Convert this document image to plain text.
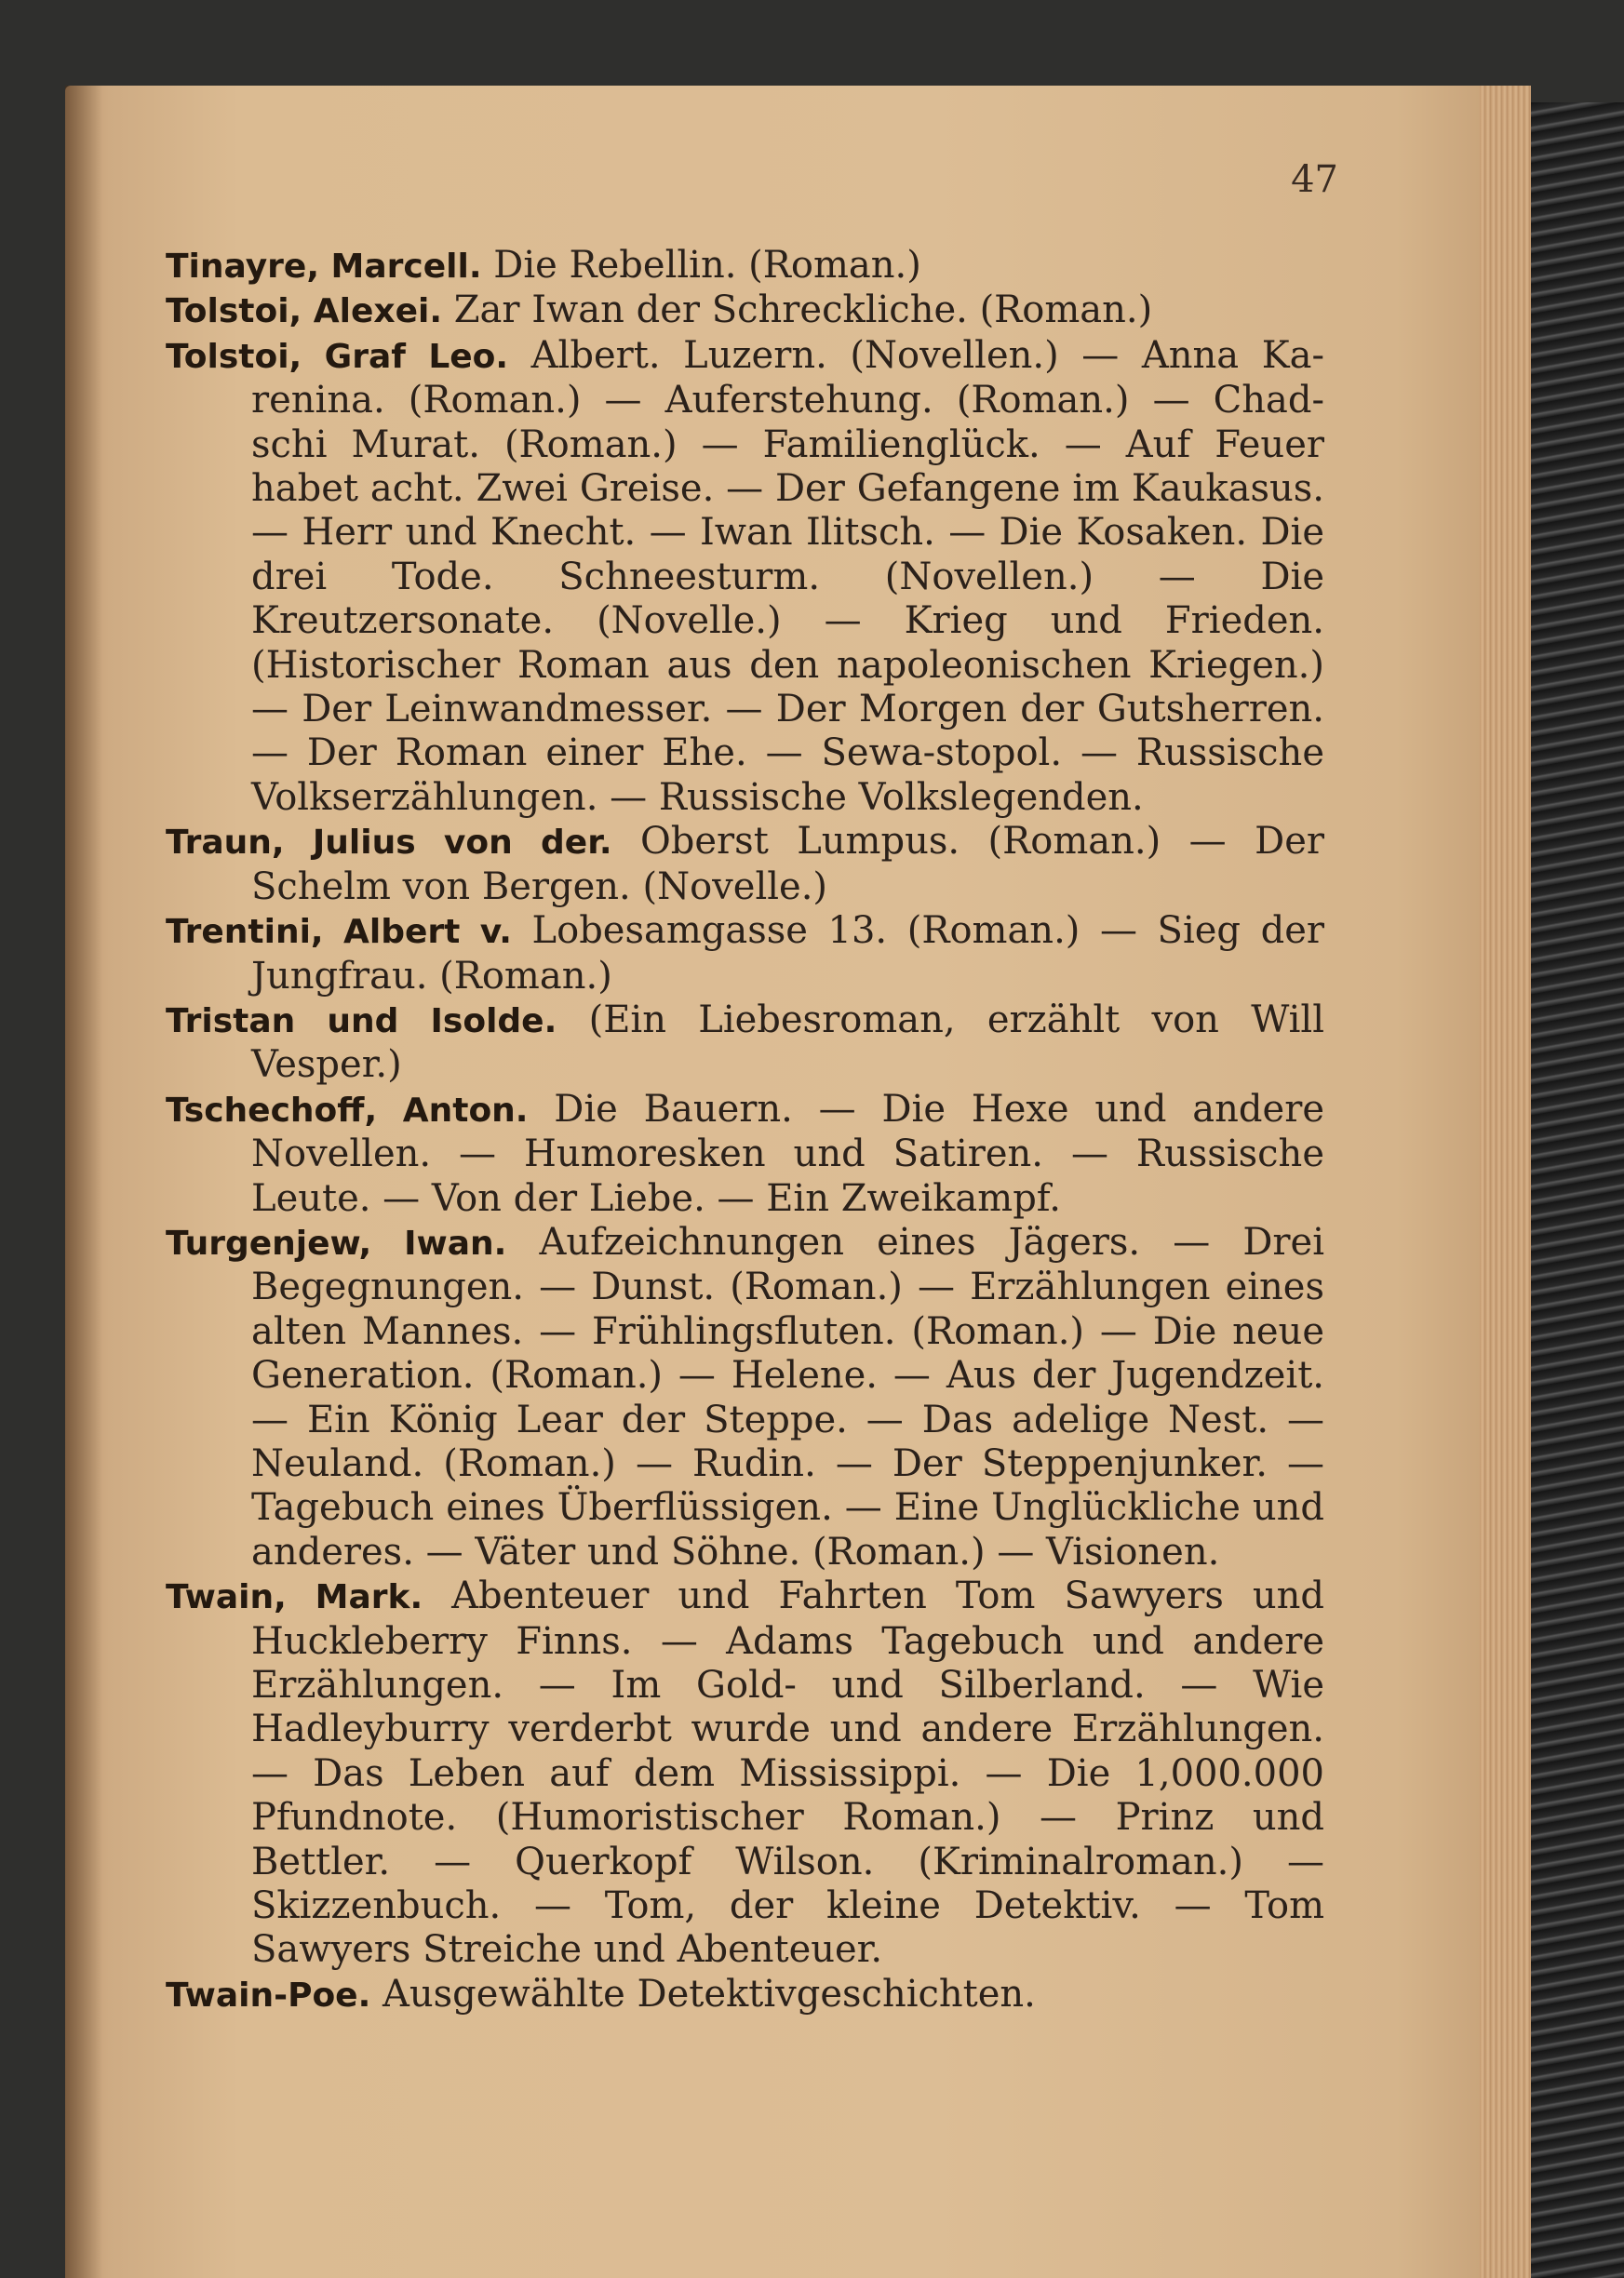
47

Tinayre, Marcell. Die Rebellin. (Roman.)
Tolstoi, Alexei. Zar Iwan der Schreckliche. (Roman.)
Tolstoi, Graf Leo. Albert. Luzern. (Novellen.) — Anna Ka-renina. (Roman.) — Auferstehung. (Roman.) — Chad-schi Murat. (Roman.) — Familienglück. — Auf Feuer habet acht. Zwei Greise. — Der Gefangene im Kaukasus. — Herr und Knecht. — Iwan Ilitsch. — Die Kosaken. Die drei Tode. Schneesturm. (Novellen.) — Die Kreutzersonate. (Novelle.) — Krieg und Frieden. (Historischer Roman aus den napoleonischen Kriegen.) — Der Leinwandmesser. — Der Morgen der Gutsherren. — Der Roman einer Ehe. — Sewa-stopol. — Russische Volkserzählungen. — Russische Volkslegenden.
Traun, Julius von der. Oberst Lumpus. (Roman.) — Der Schelm von Bergen. (Novelle.)
Trentini, Albert v. Lobesamgasse 13. (Roman.) — Sieg der Jungfrau. (Roman.)
Tristan und Isolde. (Ein Liebesroman, erzählt von Will Vesper.)
Tschechoff, Anton. Die Bauern. — Die Hexe und andere Novellen. — Humoresken und Satiren. — Russische Leute. — Von der Liebe. — Ein Zweikampf.
Turgenjew, Iwan. Aufzeichnungen eines Jägers. — Drei Begegnungen. — Dunst. (Roman.) — Erzählungen eines alten Mannes. — Frühlingsfluten. (Roman.) — Die neue Generation. (Roman.) — Helene. — Aus der Jugendzeit. — Ein König Lear der Steppe. — Das adelige Nest. — Neuland. (Roman.) — Rudin. — Der Steppenjunker. — Tagebuch eines Überflüssigen. — Eine Unglückliche und anderes. — Väter und Söhne. (Roman.) — Visionen.
Twain, Mark. Abenteuer und Fahrten Tom Sawyers und Huckleberry Finns. — Adams Tagebuch und andere Erzählungen. — Im Gold- und Silberland. — Wie Hadleyburry verderbt wurde und andere Erzählungen. — Das Leben auf dem Mississippi. — Die 1,000.000 Pfundnote. (Humoristischer Roman.) — Prinz und Bettler. — Querkopf Wilson. (Kriminalroman.) — Skizzenbuch. — Tom, der kleine Detektiv. — Tom Sawyers Streiche und Abenteuer.
Twain-Poe. Ausgewählte Detektivgeschichten.
